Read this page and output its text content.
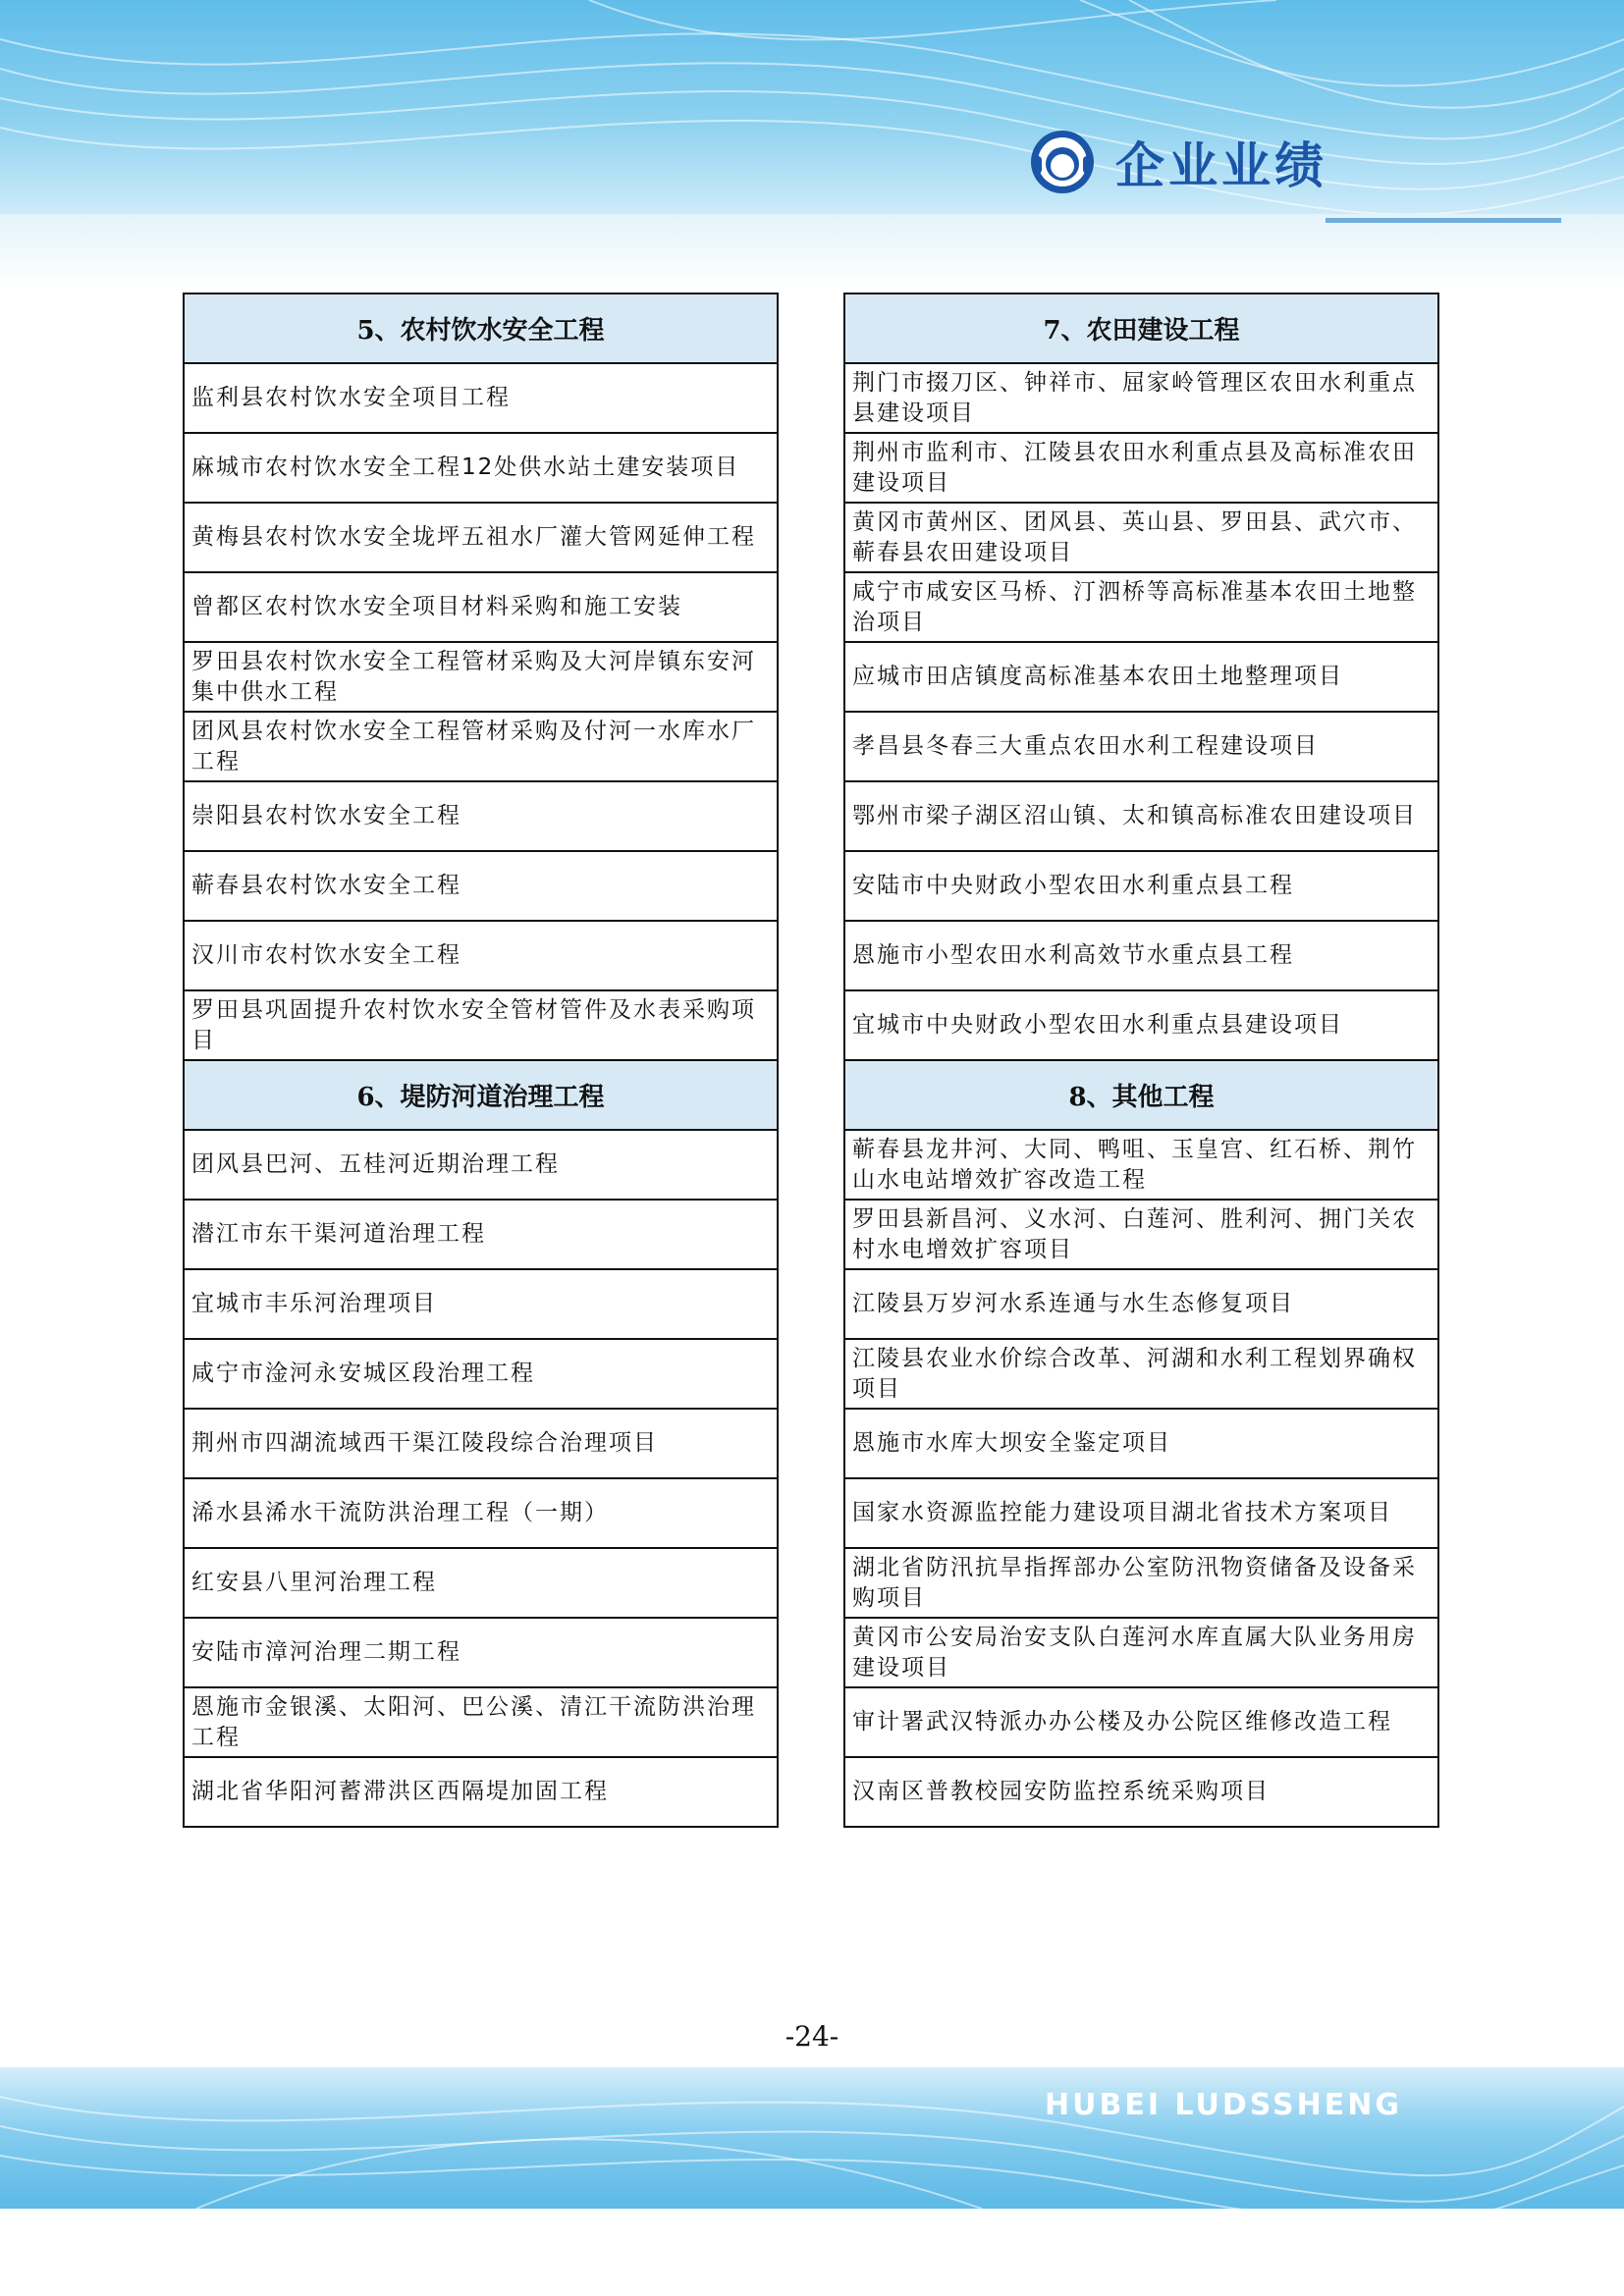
企业业绩
5、农村饮水安全工程
监利县农村饮水安全项目工程
麻城市农村饮水安全工程12处供水站土建安装项目
黄梅县农村饮水安全垅坪五祖水厂灌大管网延伸工程
曾都区农村饮水安全项目材料采购和施工安装
罗田县农村饮水安全工程管材采购及大河岸镇东安河集中供水工程
团风县农村饮水安全工程管材采购及付河一水库水厂工程
崇阳县农村饮水安全工程
蕲春县农村饮水安全工程
汉川市农村饮水安全工程
罗田县巩固提升农村饮水安全管材管件及水表采购项目
6、堤防河道治理工程
团风县巴河、五桂河近期治理工程
潜江市东干渠河道治理工程
宜城市丰乐河治理项目
咸宁市淦河永安城区段治理工程
荆州市四湖流域西干渠江陵段综合治理项目
浠水县浠水干流防洪治理工程（一期）
红安县八里河治理工程
安陆市漳河治理二期工程
恩施市金银溪、太阳河、巴公溪、清江干流防洪治理工程
湖北省华阳河蓄滞洪区西隔堤加固工程
7、农田建设工程
荆门市掇刀区、钟祥市、屈家岭管理区农田水利重点县建设项目
荆州市监利市、江陵县农田水利重点县及高标准农田建设项目
黄冈市黄州区、团风县、英山县、罗田县、武穴市、蕲春县农田建设项目
咸宁市咸安区马桥、汀泗桥等高标准基本农田土地整治项目
应城市田店镇度高标准基本农田土地整理项目
孝昌县冬春三大重点农田水利工程建设项目
鄂州市梁子湖区沼山镇、太和镇高标准农田建设项目
安陆市中央财政小型农田水利重点县工程
恩施市小型农田水利高效节水重点县工程
宜城市中央财政小型农田水利重点县建设项目
8、其他工程
蕲春县龙井河、大同、鸭咀、玉皇宫、红石桥、荆竹山水电站增效扩容改造工程
罗田县新昌河、义水河、白莲河、胜利河、拥门关农村水电增效扩容项目
江陵县万岁河水系连通与水生态修复项目
江陵县农业水价综合改革、河湖和水利工程划界确权项目
恩施市水库大坝安全鉴定项目
国家水资源监控能力建设项目湖北省技术方案项目
湖北省防汛抗旱指挥部办公室防汛物资储备及设备采购项目
黄冈市公安局治安支队白莲河水库直属大队业务用房建设项目
审计署武汉特派办办公楼及办公院区维修改造工程
汉南区普教校园安防监控系统采购项目
-24-
HUBEI LUDSSHENG
